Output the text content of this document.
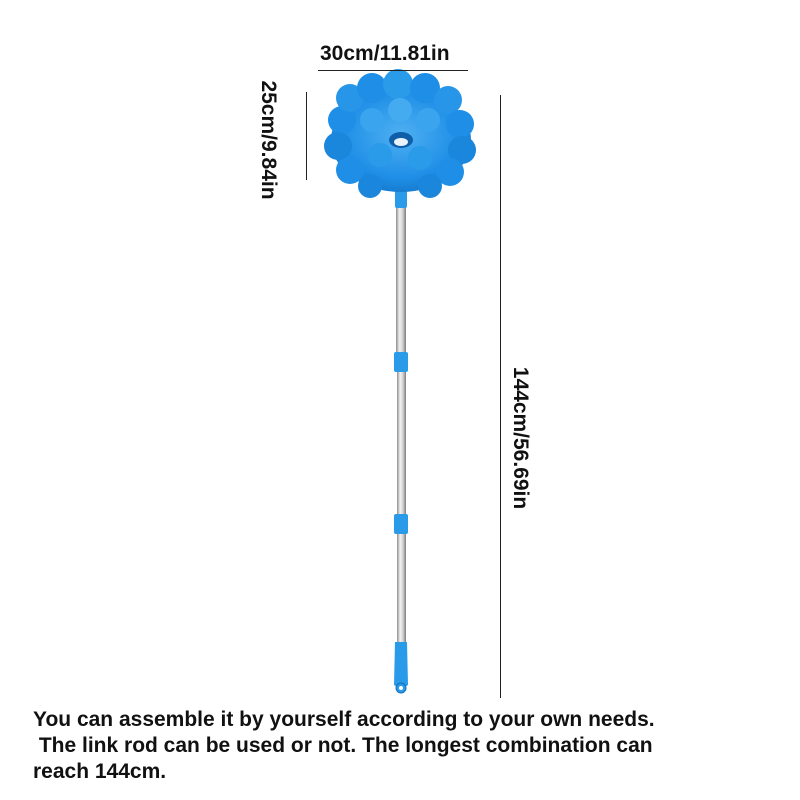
30cm/11.81in
25cm/9.84in
144cm/56.69in
You can assemble it by yourself according to your own needs.
The link rod can be used or not. The longest combination can
reach 144cm.
